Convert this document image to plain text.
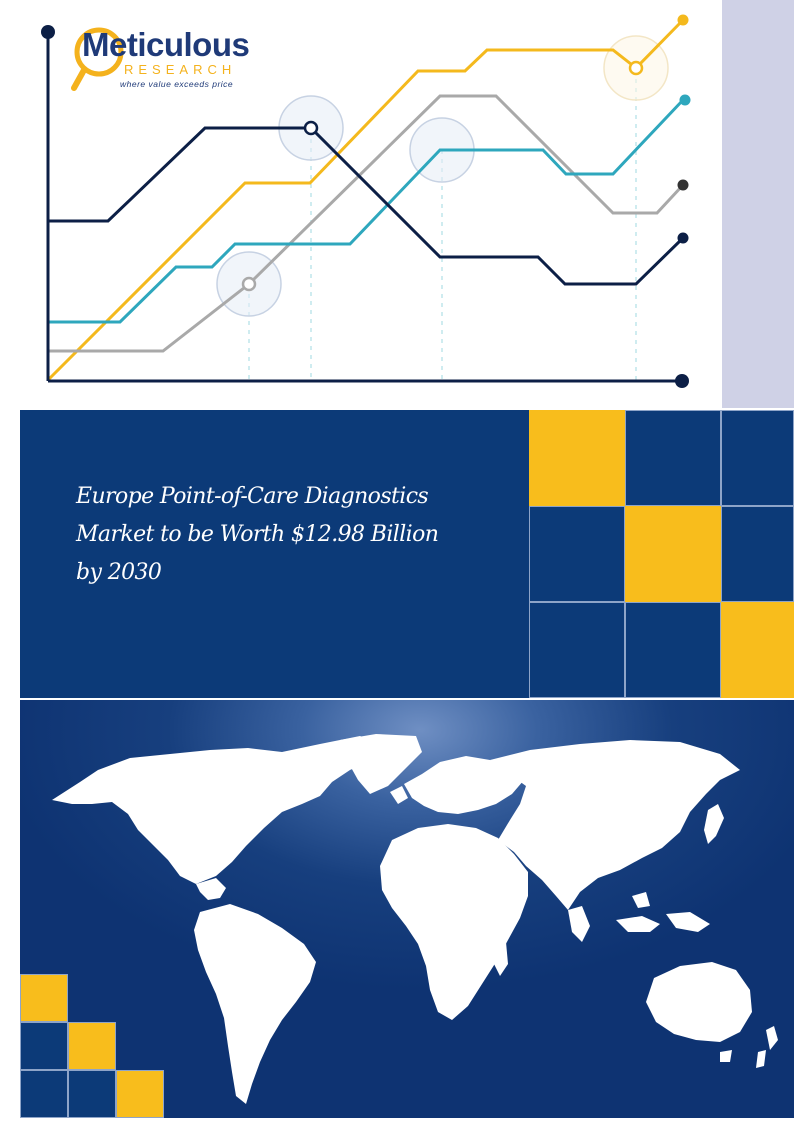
Meticulous
RESEARCH
where value exceeds price
Europe Point-of-Care Diagnostics
Market to be Worth $12.98 Billion
by 2030
